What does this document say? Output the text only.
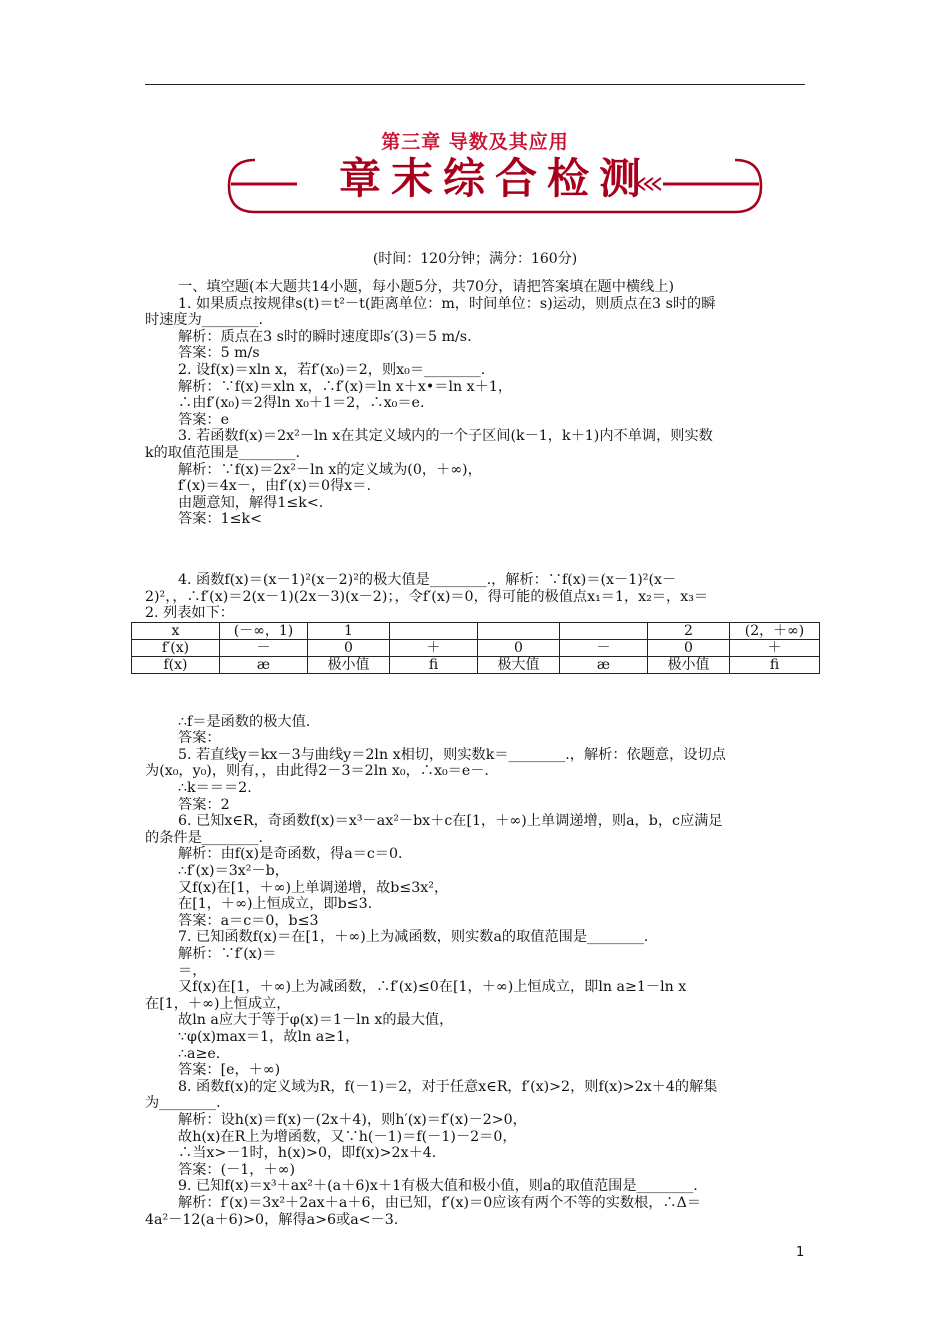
第三章 导数及其应用
章末综合检测
(时间：120分钟；满分：160分)

一、填空题(本大题共14小题，每小题5分，共70分，请把答案填在题中横线上)

1. 如果质点按规律s(t)＝t²－t(距离单位：m，时间单位：s)运动，则质点在3 s时的瞬

时速度为________.

解析：质点在3 s时的瞬时速度即s′(3)＝5 m/s.

答案：5 m/s

2. 设f(x)＝xln x，若f′(x₀)＝2，则x₀＝________.

解析：∵f(x)＝xln x，∴f′(x)＝ln x＋x•＝ln x＋1，

∴由f′(x₀)＝2得ln x₀＋1＝2，∴x₀＝e.

答案：e

3. 若函数f(x)＝2x²－ln x在其定义域内的一个子区间(k－1，k＋1)内不单调，则实数

k的取值范围是________.

解析：∵f(x)＝2x²－ln x的定义域为(0，＋∞)，

f′(x)＝4x－，由f′(x)＝0得x＝.

由题意知，解得1≤k<.

答案：1≤k<

4. 函数f(x)＝(x－1)²(x－2)²的极大值是________.，解析：∵f(x)＝(x－1)²(x－

2)²，，∴f′(x)＝2(x－1)(2x－3)(x－2)；，令f′(x)＝0，得可能的极值点x₁＝1，x₂＝，x₃＝

2. 列表如下：

x	(－∞，1)	1				2	(2，＋∞)
f′(x)	－	0	＋	0	－	0	＋
f(x)	æ	极小值	ﬁ	极大值	æ	极小值	ﬁ

∴f＝是函数的极大值.

答案：

5. 若直线y＝kx－3与曲线y＝2ln x相切，则实数k＝________.，解析：依题意，设切点

为(x₀，y₀)，则有，，由此得2－3＝2ln x₀，∴x₀＝e－.

∴k＝＝＝2.

答案：2

6. 已知x∈R，奇函数f(x)＝x³－ax²－bx＋c在[1，＋∞)上单调递增，则a，b，c应满足

的条件是________.

解析：由f(x)是奇函数，得a＝c＝0.

∴f′(x)＝3x²－b，

又f(x)在[1，＋∞)上单调递增，故b≤3x²，

在[1，＋∞)上恒成立，即b≤3.

答案：a＝c＝0，b≤3

7. 已知函数f(x)＝在[1，＋∞)上为减函数，则实数a的取值范围是________.

解析：∵f′(x)＝

＝，

又f(x)在[1，＋∞)上为减函数，∴f′(x)≤0在[1，＋∞)上恒成立，即ln a≥1－ln x

在[1，＋∞)上恒成立，

故ln a应大于等于φ(x)＝1－ln x的最大值，

∵φ(x)max＝1，故ln a≥1，

∴a≥e.

答案：[e，＋∞)

8. 函数f(x)的定义域为R，f(－1)＝2，对于任意x∈R，f′(x)>2，则f(x)>2x＋4的解集

为________.

解析：设h(x)＝f(x)－(2x＋4)，则h′(x)＝f′(x)－2>0，

故h(x)在R上为增函数，又∵h(－1)＝f(－1)－2＝0，

∴当x>－1时，h(x)>0，即f(x)>2x＋4.

答案：(－1，＋∞)

9. 已知f(x)＝x³＋ax²＋(a＋6)x＋1有极大值和极小值，则a的取值范围是________.

解析：f′(x)＝3x²＋2ax＋a＋6，由已知，f′(x)＝0应该有两个不等的实数根，∴Δ＝

4a²－12(a＋6)>0，解得a>6或a<－3.

1
